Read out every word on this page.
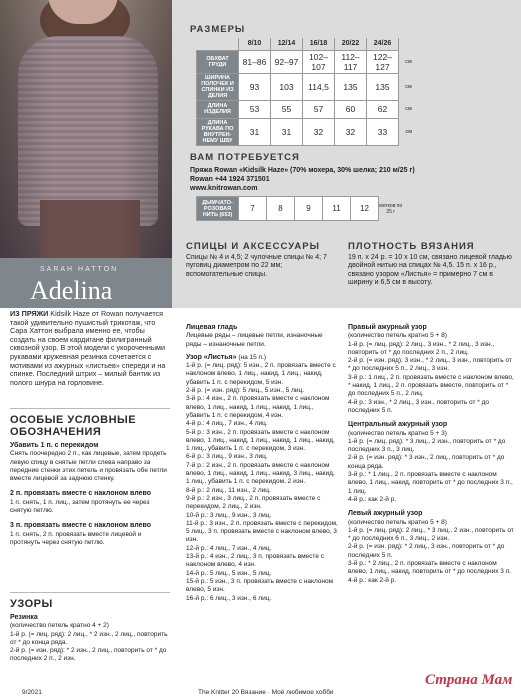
SARAH HATTON
Adelina
РАЗМЕРЫ
	8/10	12/14	16/18	20/22	24/26	
ОБХВАТ ГРУДИ	81–86	92–97	102–107	112–117	122–127	см
ШИРИНА ПОЛОЧЕК И СПИНКИ ИЗ ДЕЛИЯ	93	103	114,5	135	135	см
ДЛИНА ИЗДЕЛИЯ	53	55	57	60	62	см
ДЛИНА РУКАВА ПО ВНУТРЕН- НЕМУ ШВУ	31	31	32	32	33	см
ВАМ ПОТРЕБУЕТСЯ
Пряжа Rowan «Kidsilk Haze» (70% мохера, 30% шелка; 210 м/25 г)
Rowan +44 1924 371501
www.knitrowan.com
ДЫМЧАТО- РОЗОВАЯ НИТЬ (653)	7	8	9	11	12	мотков по 25 г
СПИЦЫ И АКСЕССУАРЫ
Спицы № 4 и 4,5; 2 чулочные спицы № 4; 7 пуговиц диаметром по 22 мм; вспомогательные спицы.
ПЛОТНОСТЬ ВЯЗАНИЯ
19 п. х 24 р. = 10 х 10 см, связано лицевой гладью двойной нитью на спицах № 4,5. 15 п. х 16 р., связано узором «Листья» = примерно 7 см в ширину и 6,5 см в высоту.
ИЗ ПРЯЖИ Kidsilk Haze от Rowan получается такой удивительно пушистый трикотаж, что Сара Хаттон выбрала именно ее, чтобы создать на своем кардигане филигранный сквозной узор. В этой модели с укороченными рукавами кружевная резинка сочетается с мотивами из ажурных «листьев» спереди и на спинке. Последний штрих – милый бантик из полого шнура на горловине.
ОСОБЫЕ УСЛОВНЫЕ ОБОЗНАЧЕНИЯ
Убавить 1 п. с перекидом
Снять поочередно 2 п., как лицевые, затем продеть левую спицу в снятые петли слева направо за передние стенки этих петель и провязать обе петли вместе лицевой за заднюю стенку.
2 п. провязать вместе с наклоном влево
1 п. снять, 1 п. лиц., затем протянуть ее через снятую петлю.
3 п. провязать вместе с наклоном влево
1 п. снять, 2 п. провязать вместе лицевой и протянуть через снятую петлю.
УЗОРЫ
Резинка
(количество петель кратно 4 + 2)
1-й р. (= лиц. ряд): 2 лиц., * 2 изн., 2 лиц., повторить от * до конца ряда.
2-й р. (= изн. ряд): * 2 изн., 2 лиц., повторить от * до последних 2 п., 2 изн.
Лицевая гладь
Лицевые ряды – лицевые петли, изнаночные ряды – изнаночные петли.
Узор «Листья» (на 15 п.)
1-й р. (= лиц. ряд): 5 изн., 2 п. провязать вместе с наклоном влево, 1 лиц., накид, 1 лиц., накид, убавить 1 п. с перекидом, 5 изн.
2-й р. (= изн. ряд): 5 лиц., 5 изн., 5 лиц.
3-й р.: 4 изн., 2 п. провязать вместе с наклоном влево, 1 лиц., накид, 1 лиц., накид, 1 лиц., убавить 1 п. с перекидом, 4 изн.
4-й р.: 4 лиц., 7 изн., 4 лиц.
5-й р.: 3 изн., 2 п. провязать вместе с наклоном влево, 1 лиц., накид, 1 лиц., накид, 1 лиц., накид, 1 лиц., убавить 1 п. с перекидом, 3 изн.
6-й р.: 3 лиц., 9 изн., 3 лиц.
7-й р.: 2 изн., 2 п. провязать вместе с наклоном влево, 1 лиц., накид, 1 лиц., накид, 3 лиц., накид, 1 лиц., убавить 1 п. с перекидом, 2 изн.
8-й р.: 2 лиц., 11 изн., 2 лиц.
9-й р.: 2 изн., 3 лиц., 2 п. провязать вместе с перекидом, 2 лиц., 2 изн.
10-й р.: 3 лиц., 9 изн., 3 лиц.
11-й р.: 3 изн., 2 п. провязать вместе с перекидом, 5 лиц., 3 п. провязать вместе с наклоном влево, 3 изн.
12-й р.: 4 лиц., 7 изн., 4 лиц.
13-й р.: 4 изн., 2 лиц., 3 п. провязать вместе с наклоном влево, 4 изн.
14-й р.: 5 лиц., 5 изн., 5 лиц.
15-й р.: 5 изн., 3 п. провязать вместе с наклоном влево, 5 изн.
16-й р.: 6 лиц., 3 изн., 6 лиц.
Правый ажурный узор
(количество петель кратно 5 + 8)
1-й р. (= лиц. ряд): 2 лиц., 3 изн., * 2 лиц., 3 изн., повторить от * до последних 2 п., 2 лиц.
2-й р. (= изн. ряд): 3 изн., * 2 лиц., 3 изн., повторить от * до последних 5 п., 2 лиц., 3 изн.
3-й р.: 1 лиц., 2 п. провязать вместе с наклоном влево, * накид, 1 лиц., 2 п. провязать вместе, повторить от * до последних 5 п., 2 лиц.
4-й р.: 3 изн., * 2 лиц., 3 изн., повторить от * до последних 5 п.
Центральный ажурный узор
(количество петель кратно 5 + 3)
1-й р. (= лиц. ряд): * 3 лиц., 2 изн., повторить от * до последних 3 п., 3 лиц.
2-й р. (= изн. ряд): * 3 изн., 2 лиц., повторить от * до конца ряда.
3-й р.: * 1 лиц., 2 п. провязать вместе с наклоном влево, 1 лиц., накид, повторить от * до последних 3 п., 1 лиц.
4-й р.: как 2-й р.
Левый ажурный узор
(количество петель кратно 5 + 8)
1-й р. (= лиц. ряд): 2 лиц., * 3 лиц., 2 изн., повторить от * до последних 6 п., 3 лиц., 2 изн.
2-й р. (= изн. ряд): * 2 лиц., 3 изн., повторить от * до последних 5 п.
3-й р.: * 2 лиц., 2 п. провязать вместе с наклоном влево, 1 лиц., накид, повторить от * до последних 3 п.
4-й р.: как 2-й р.
9/2021	The Knitter 20 Вязание · Моё любимое хобби
Страна Мам
